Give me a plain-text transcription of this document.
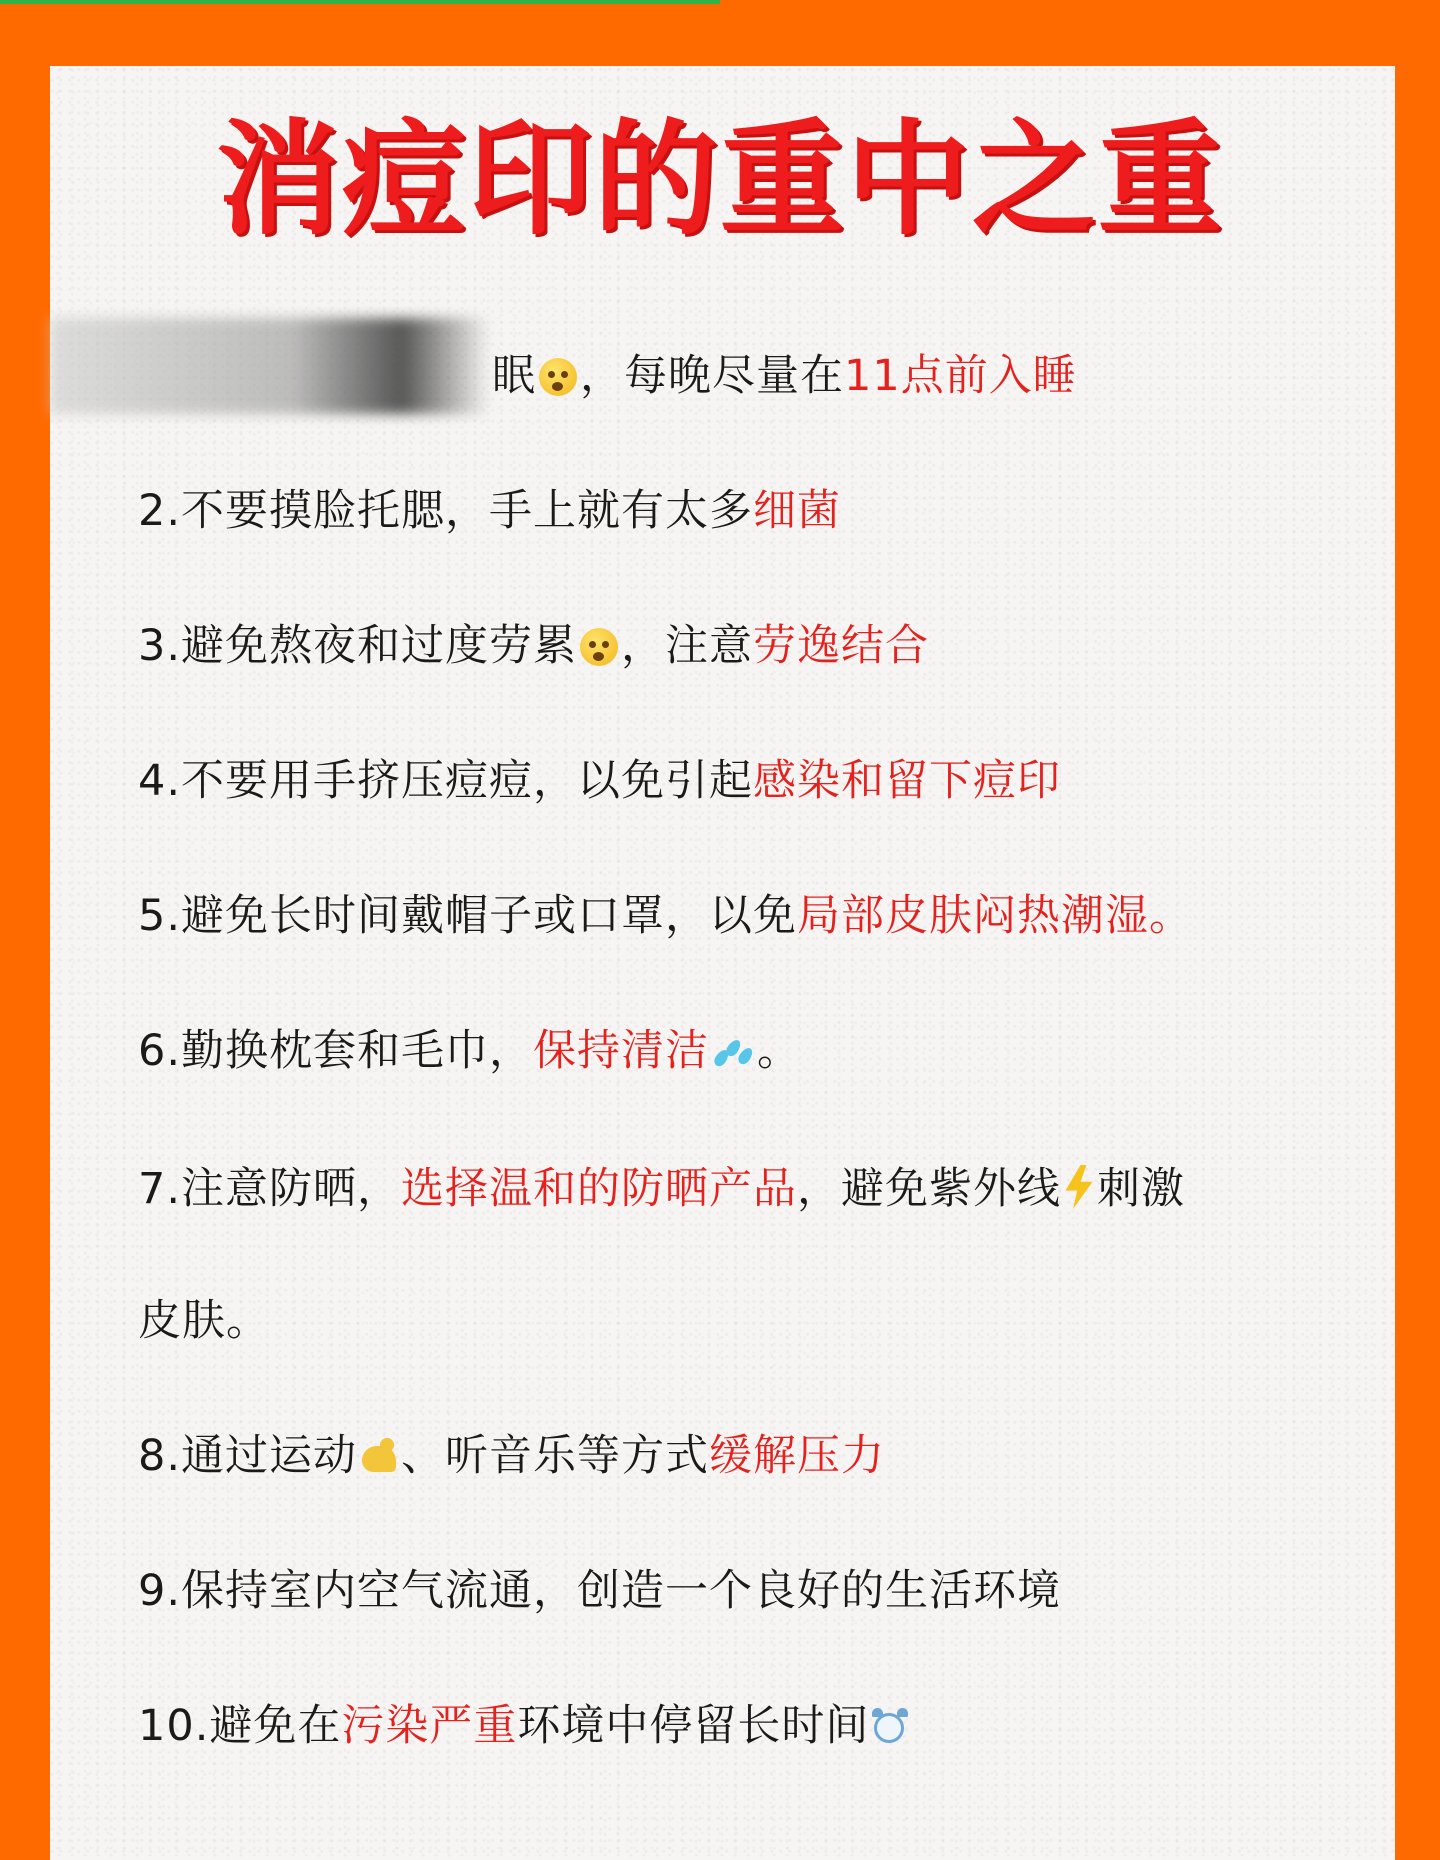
消痘印的重中之重
眠 ，每晚尽量在11点前入睡
2.不要摸脸托腮，手上就有太多细菌
3.避免熬夜和过度劳累 ，注意劳逸结合
4.不要用手挤压痘痘，以免引起感染和留下痘印
5.避免长时间戴帽子或口罩，以免局部皮肤闷热潮湿。
6.勤换枕套和毛巾，保持清洁 。
7.注意防晒，选择温和的防晒产品，避免紫外线 刺激
皮肤。
8.通过运动 、听音乐等方式缓解压力
9.保持室内空气流通，创造一个良好的生活环境
10.避免在污染严重环境中停留长时间
